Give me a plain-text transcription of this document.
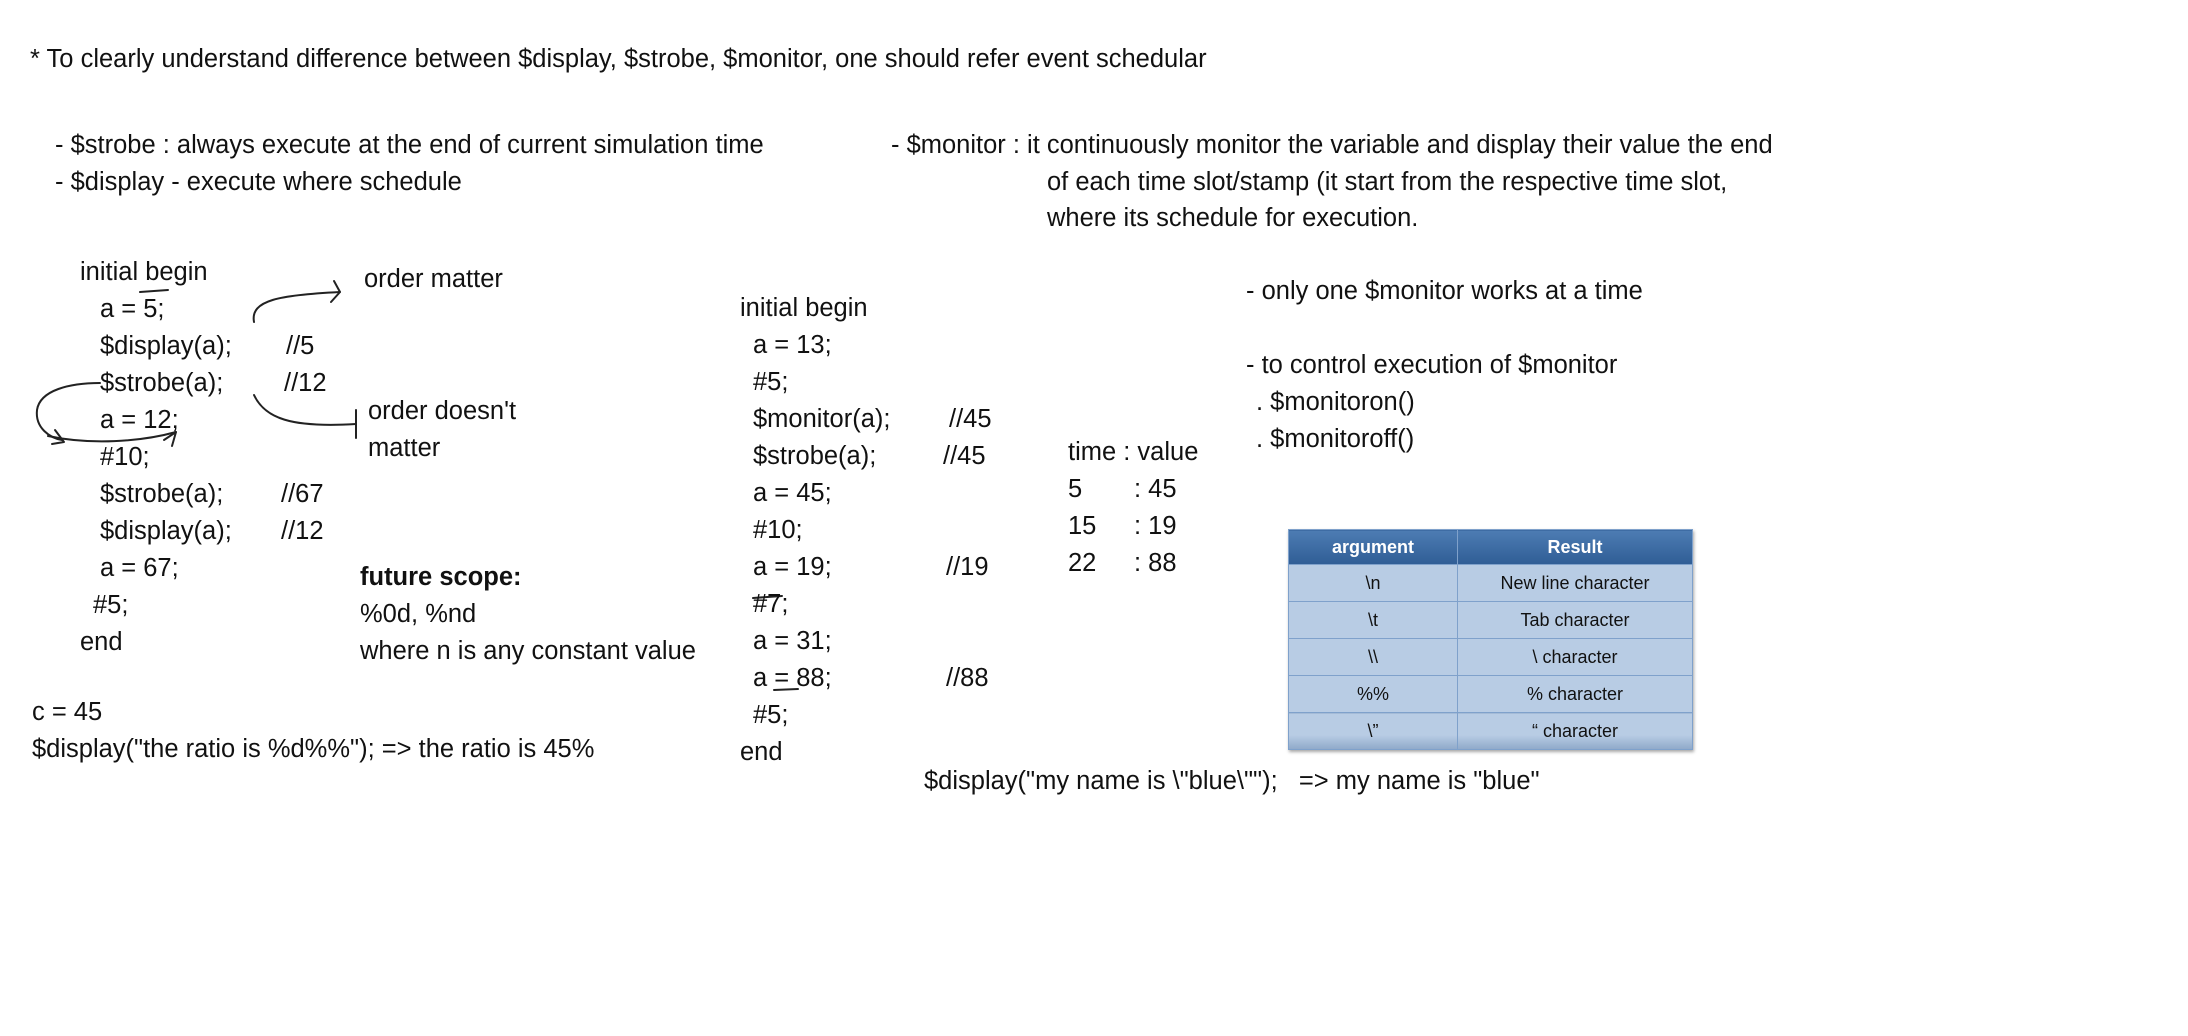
* To clearly understand difference between $display, $strobe, $monitor, one should refer event schedular
- $strobe : always execute at the end of current simulation time
- $display - execute where schedule
- $monitor : it continuously monitor the variable and display their value the end
of each time slot/stamp (it start from the respective time slot,
where its schedule for execution.
initial begin
a = 5;
$display(a);
$strobe(a);
a = 12;
#10;
$strobe(a);
$display(a);
a = 67;
#5;
end
//5
//12
//67
//12
order matter
order doesn't
matter
future scope:
%0d, %nd
where n is any constant value
c = 45
$display("the ratio is %d%%"); => the ratio is 45%
initial begin
a = 13;
#5;
$monitor(a);
$strobe(a);
a = 45;
#10;
a = 19;
#7;
a = 31;
a = 88;
#5;
end
//45
//45
//19
//88
time : value
5 : 45
15 : 19
22 : 88
- only one $monitor works at a time
- to control execution of $monitor
. $monitoron()
. $monitoroff()
argument	Result
\n	New line character
\t	Tab character
\\	\ character
%%	% character
\”	“ character
$display("my name is \"blue\"");   => my name is "blue"
